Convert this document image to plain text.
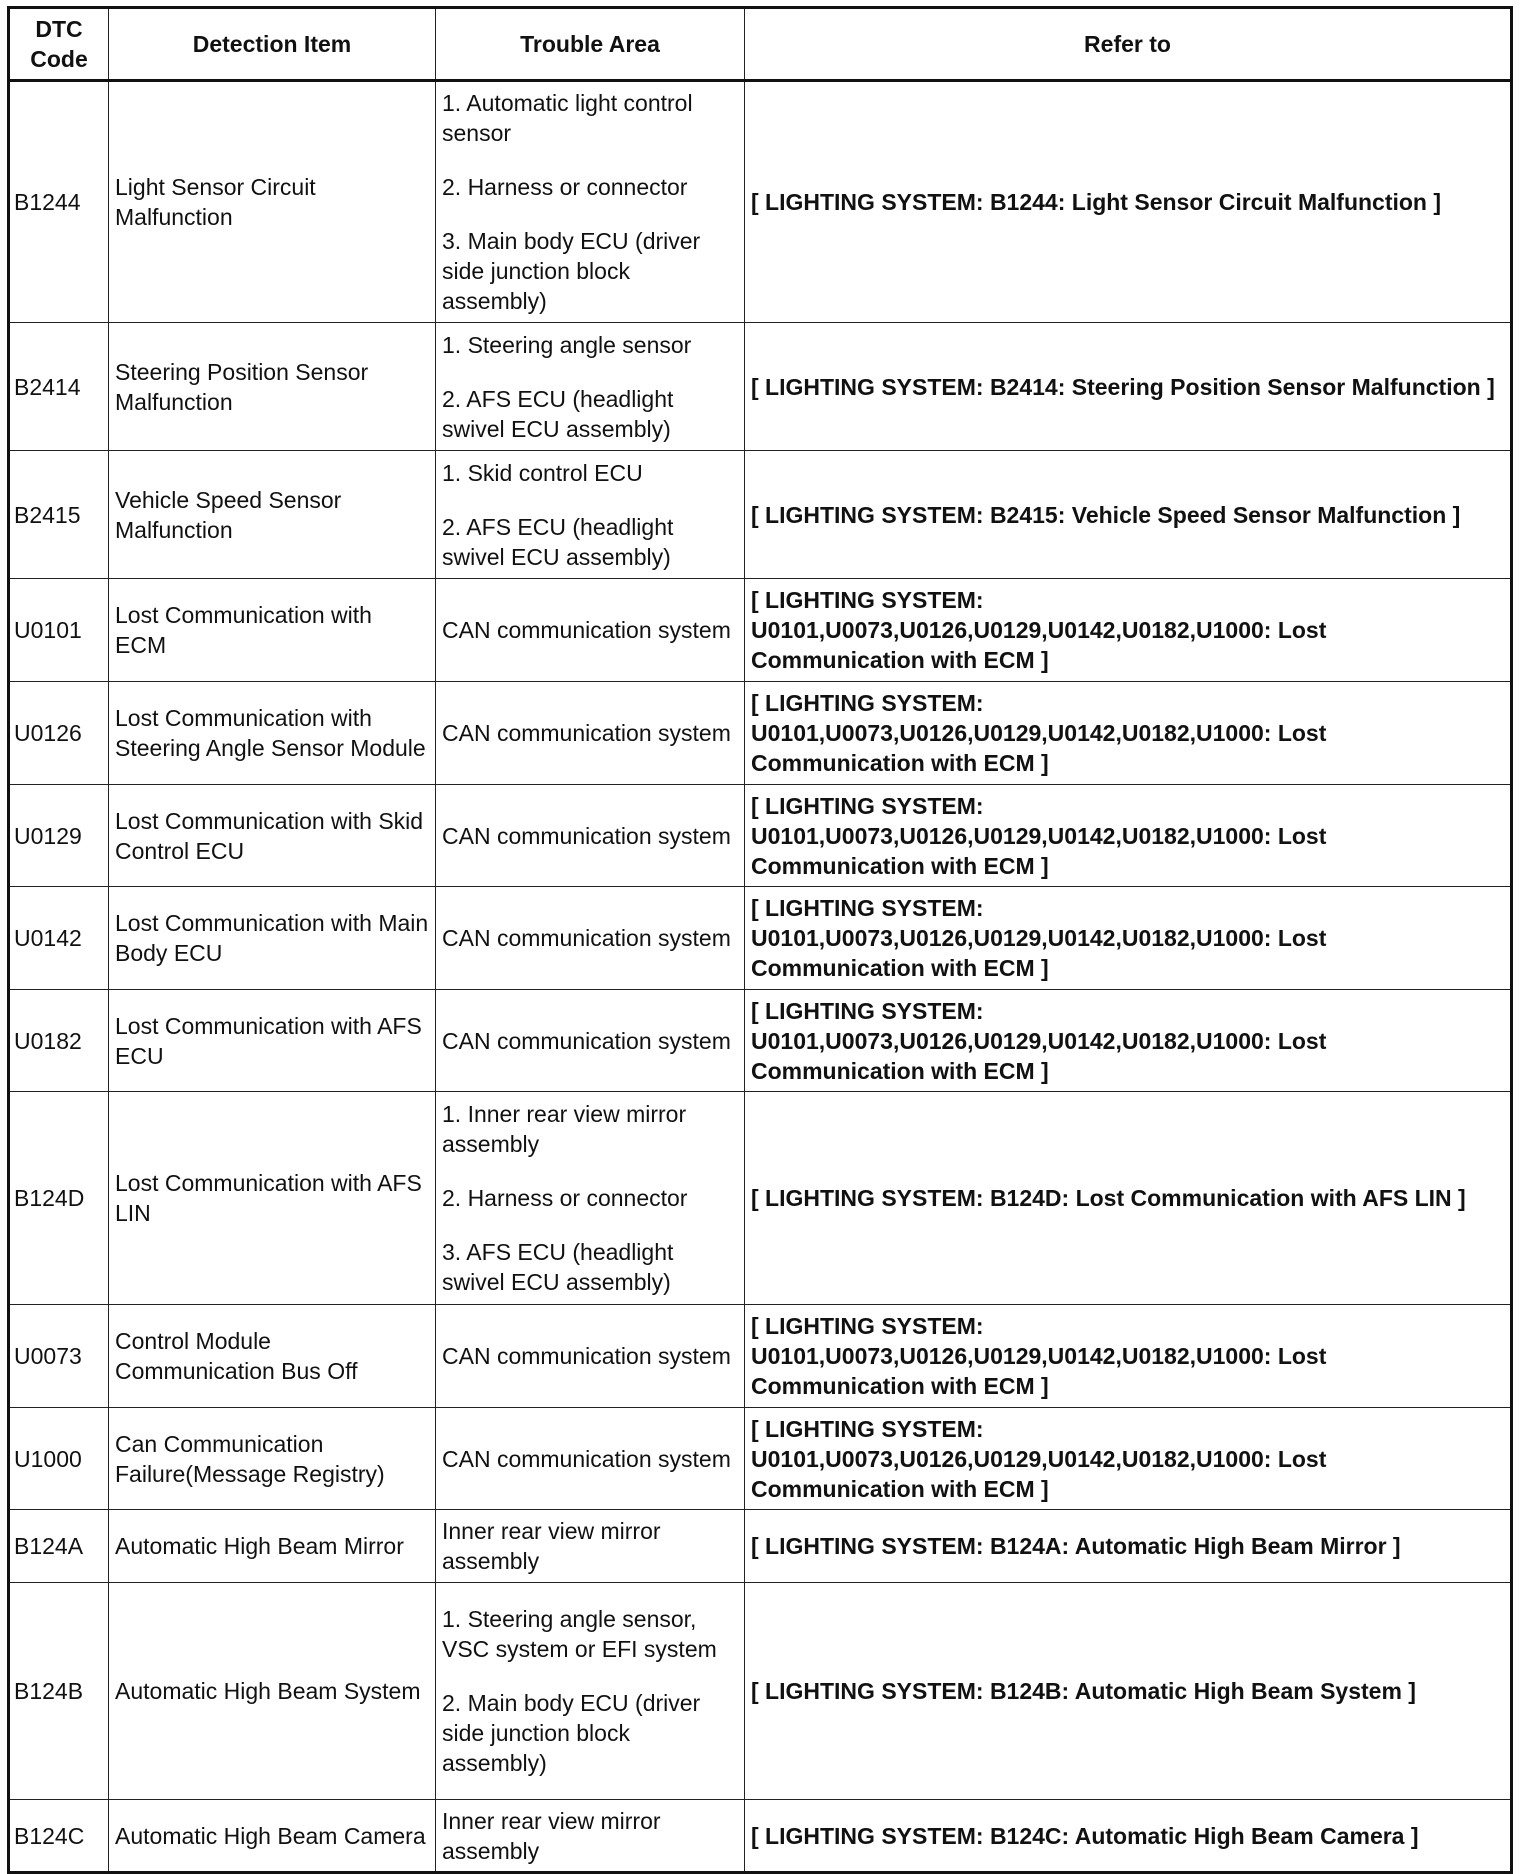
DTC Code	Detection Item	Trouble Area	Refer to
B1244	Light Sensor Circuit Malfunction	1. Automatic light control sensor

2. Harness or connector

3. Main body ECU (driver side junction block assembly)	[ LIGHTING SYSTEM: B1244: Light Sensor Circuit Malfunction ]
B2414	Steering Position Sensor Malfunction	1. Steering angle sensor

2. AFS ECU (headlight swivel ECU assembly)	[ LIGHTING SYSTEM: B2414: Steering Position Sensor Malfunction ]
B2415	Vehicle Speed Sensor Malfunction	1. Skid control ECU

2. AFS ECU (headlight swivel ECU assembly)	[ LIGHTING SYSTEM: B2415: Vehicle Speed Sensor Malfunction ]
U0101	Lost Communication with ECM	CAN communication system	[ LIGHTING SYSTEM: U0101,U0073,U0126,U0129,U0142,U0182,U1000: Lost Communication with ECM ]
U0126	Lost Communication with Steering Angle Sensor Module	CAN communication system	[ LIGHTING SYSTEM: U0101,U0073,U0126,U0129,U0142,U0182,U1000: Lost Communication with ECM ]
U0129	Lost Communication with Skid Control ECU	CAN communication system	[ LIGHTING SYSTEM: U0101,U0073,U0126,U0129,U0142,U0182,U1000: Lost Communication with ECM ]
U0142	Lost Communication with Main Body ECU	CAN communication system	[ LIGHTING SYSTEM: U0101,U0073,U0126,U0129,U0142,U0182,U1000: Lost Communication with ECM ]
U0182	Lost Communication with AFS ECU	CAN communication system	[ LIGHTING SYSTEM: U0101,U0073,U0126,U0129,U0142,U0182,U1000: Lost Communication with ECM ]
B124D	Lost Communication with AFS LIN	1. Inner rear view mirror assembly

2. Harness or connector

3. AFS ECU (headlight swivel ECU assembly)	[ LIGHTING SYSTEM: B124D: Lost Communication with AFS LIN ]
U0073	Control Module Communication Bus Off	CAN communication system	[ LIGHTING SYSTEM: U0101,U0073,U0126,U0129,U0142,U0182,U1000: Lost Communication with ECM ]
U1000	Can Communication Failure(Message Registry)	CAN communication system	[ LIGHTING SYSTEM: U0101,U0073,U0126,U0129,U0142,U0182,U1000: Lost Communication with ECM ]
B124A	Automatic High Beam Mirror	Inner rear view mirror assembly	[ LIGHTING SYSTEM: B124A: Automatic High Beam Mirror ]
B124B	Automatic High Beam System	1. Steering angle sensor, VSC system or EFI system

2. Main body ECU (driver side junction block assembly)	[ LIGHTING SYSTEM: B124B: Automatic High Beam System ]
B124C	Automatic High Beam Camera	Inner rear view mirror assembly	[ LIGHTING SYSTEM: B124C: Automatic High Beam Camera ]
